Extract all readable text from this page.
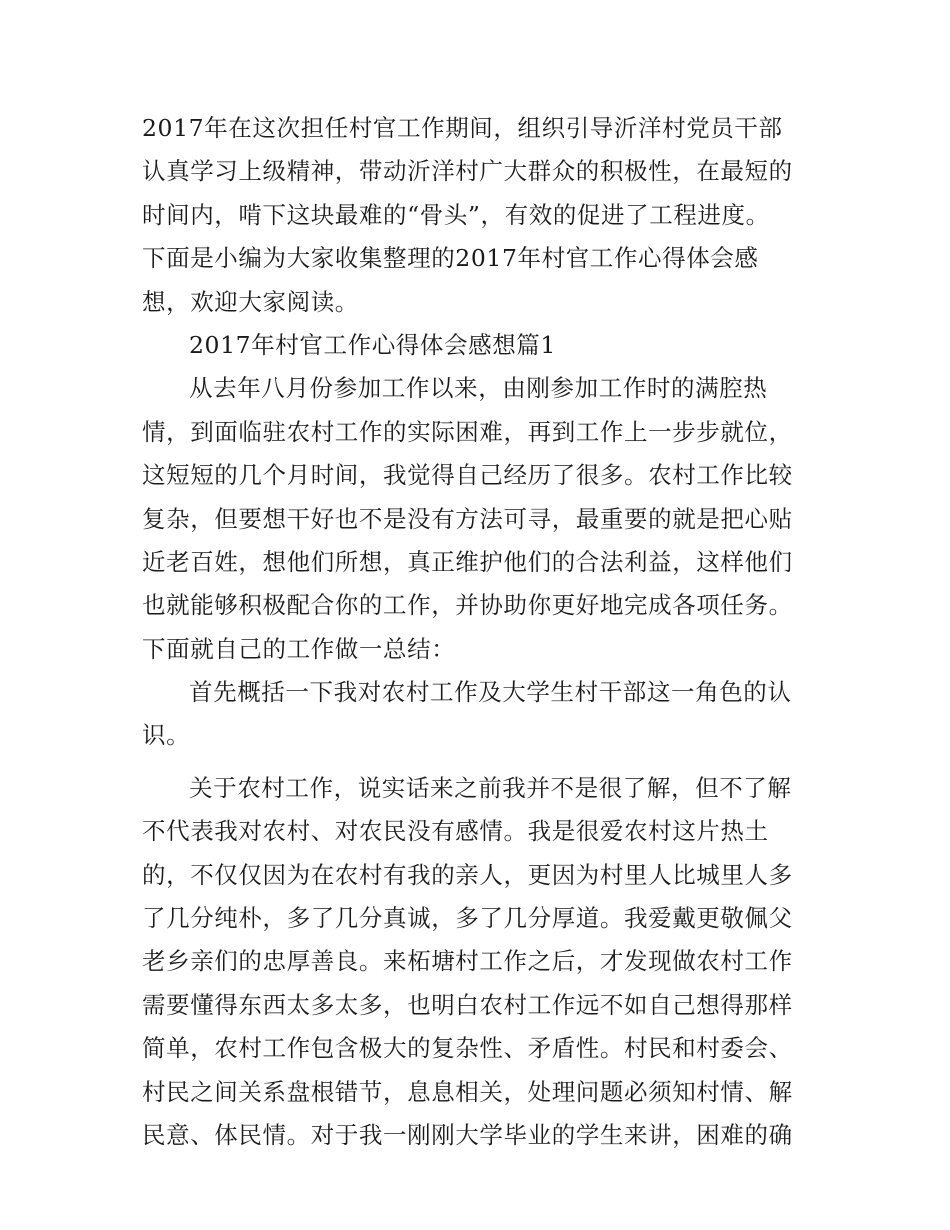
2017年在这次担任村官工作期间，组织引导沂洋村党员干部
认真学习上级精神，带动沂洋村广大群众的积极性，在最短的
时间内，啃下这块最难的“骨头”，有效的促进了工程进度。
下面是小编为大家收集整理的2017年村官工作心得体会感
想，欢迎大家阅读。
2017年村官工作心得体会感想篇1
从去年八月份参加工作以来，由刚参加工作时的满腔热
情，到面临驻农村工作的实际困难，再到工作上一步步就位，
这短短的几个月时间，我觉得自己经历了很多。农村工作比较
复杂，但要想干好也不是没有方法可寻，最重要的就是把心贴
近老百姓，想他们所想，真正维护他们的合法利益，这样他们
也就能够积极配合你的工作，并协助你更好地完成各项任务。
下面就自己的工作做一总结：
首先概括一下我对农村工作及大学生村干部这一角色的认
识。
关于农村工作，说实话来之前我并不是很了解，但不了解
不代表我对农村、对农民没有感情。我是很爱农村这片热土
的，不仅仅因为在农村有我的亲人，更因为村里人比城里人多
了几分纯朴，多了几分真诚，多了几分厚道。我爱戴更敬佩父
老乡亲们的忠厚善良。来柘塘村工作之后，才发现做农村工作
需要懂得东西太多太多，也明白农村工作远不如自己想得那样
简单，农村工作包含极大的复杂性、矛盾性。村民和村委会、
村民之间关系盘根错节，息息相关，处理问题必须知村情、解
民意、体民情。对于我一刚刚大学毕业的学生来讲，困难的确
